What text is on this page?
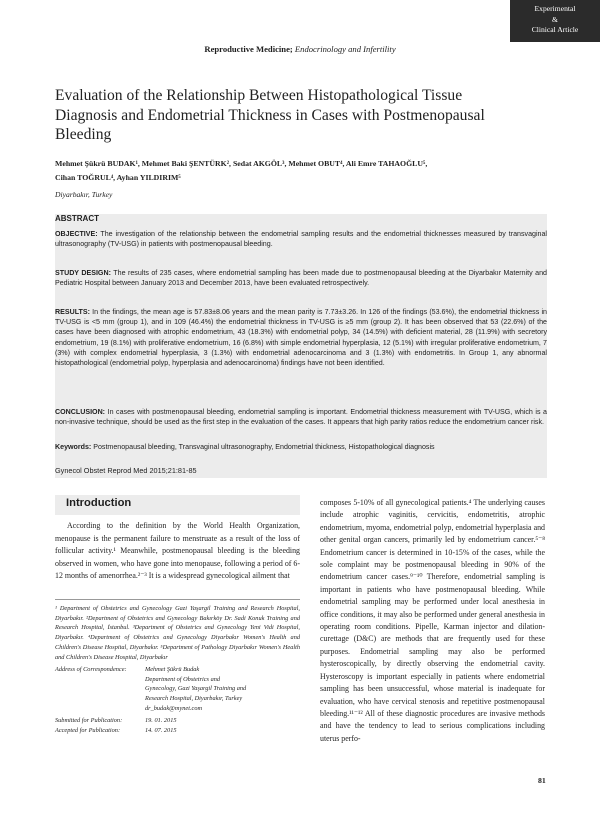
Experimental
&
Clinical Article
Reproductive Medicine; Endocrinology and Infertility
Evaluation of the Relationship Between Histopathological Tissue Diagnosis and Endometrial Thickness in Cases with Postmenopausal Bleeding
Mehmet Şükrü BUDAK¹, Mehmet Baki ŞENTÜRK², Sedat AKGÖL³, Mehmet OBUT⁴, Ali Emre TAHAOĞLU⁵,
Cihan TOĞRUL⁴, Ayhan YILDIRIM⁵
Diyarbakır, Turkey
ABSTRACT
OBJECTIVE: The investigation of the relationship between the endometrial sampling results and the endometrial thicknesses measured by transvaginal ultrasonography (TV-USG) in patients with postmenopausal bleeding.
STUDY DESIGN: The results of 235 cases, where endometrial sampling has been made due to postmenopausal bleeding at the Diyarbakır Maternity and Pediatric Hospital between January 2013 and December 2013, have been evaluated retrospectively.
RESULTS: In the findings, the mean age is 57.83±8.06 years and the mean parity is 7.73±3.26. In 126 of the findings (53.6%), the endometrial thickness in TV-USG is <5 mm (group 1), and in 109 (46.4%) the endometrial thickness in TV-USG is ≥5 mm (group 2). It has been observed that 53 (22.6%) of the cases have been diagnosed with atrophic endometrium, 43 (18.3%) with endometrial polyp, 34 (14.5%) with deficient material, 28 (11.9%) with secretory endometrium, 19 (8.1%) with proliferative endometrium, 16 (6.8%) with simple endometrial hyperplasia, 12 (5.1%) with irregular proliferative endometrium, 7 (3%) with complex endometrial hyperplasia, 3 (1.3%) with endometrial adenocarcinoma and 3 (1.3%) with endometritis. In Group 1, any abnormal histopathological (endometrial polyp, hyperplasia and adenocarcinoma) findings have not been identified.
CONCLUSION: In cases with postmenopausal bleeding, endometrial sampling is important. Endometrial thickness measurement with TV-USG, which is a non-invasive technique, should be used as the first step in the evaluation of the cases. It appears that high parity ratios reduce the endometrium cancer risk.
Keywords: Postmenopausal bleeding, Transvaginal ultrasonography, Endometrial thickness, Histopathological diagnosis
Gynecol Obstet Reprod Med 2015;21:81-85
Introduction
According to the definition by the World Health Organization, menopause is the permanent failure to menstruate as a result of the loss of follicular activity.¹ Meanwhile, postmenopausal bleeding is the bleeding observed in women, who have gone into menopause, following a period of 6-12 months of amenorrhea.²⁻³ It is a widespread gynecological ailment that
¹ Department of Obstetrics and Gynecology Gazi Yaşargil Training and Research Hospital, Diyarbakır. ²Department of Obstetrics and Gynecology Bakırköy Dr. Sadi Konuk Training and Research Hospital, İstanbul. ³Department of Obstetrics and Gynecology Yeni Vidi Hospital, Diyarbakır. ⁴Department of Obstetrics and Gynecology Diyarbakır Women's Health and Children's Disease Hospital, Diyarbakır. ⁵Department of Pathology Diyarbakır Women's Health and Children's Disease Hospital, Diyarbakır
Address of Correspondence:	Mehmet Şükrü Budak
Department of Obstetrics and
Gynecology, Gazi Yaşargil Training and
Research Hospital, Diyarbakır, Turkey
dr_budak@mynet.com
Submitted for Publication:	19. 01. 2015
Accepted for Publication:	14. 07. 2015
composes 5-10% of all gynecological patients.⁴ The underlying causes include atrophic vaginitis, cervicitis, endometritis, atrophic endometrium, myoma, endometrial polyp, endometrial hyperplasia and other genital organ cancers, primarily led by endometrium cancer.⁵⁻⁸ Endometrium cancer is determined in 10-15% of the cases, while the sole complaint may be postmenopausal bleeding in 90% of the endometrium cancer cases.⁹⁻¹⁰ Therefore, endometrial sampling is important in patients who have postmenopausal bleeding. While endometrial sampling may be performed under local anesthesia in office conditions, it may also be performed under general anesthesia in operating room conditions. Pipelle, Karman injector and dilation-curettage (D&C) are methods that are frequently used for these purposes. Endometrial sampling may also be performed hysteroscopically, by directly observing the endometrial cavity. Hysteroscopy is important especially in patients where endometrial sampling has been unsuccessful, whose material is inadequate for evaluation, who have cervical stenosis and repetitive postmenopausal bleeding.¹¹⁻¹² All of these diagnostic procedures are invasive methods and have the tendency to lead to serious complications including uterus perfo-
81
